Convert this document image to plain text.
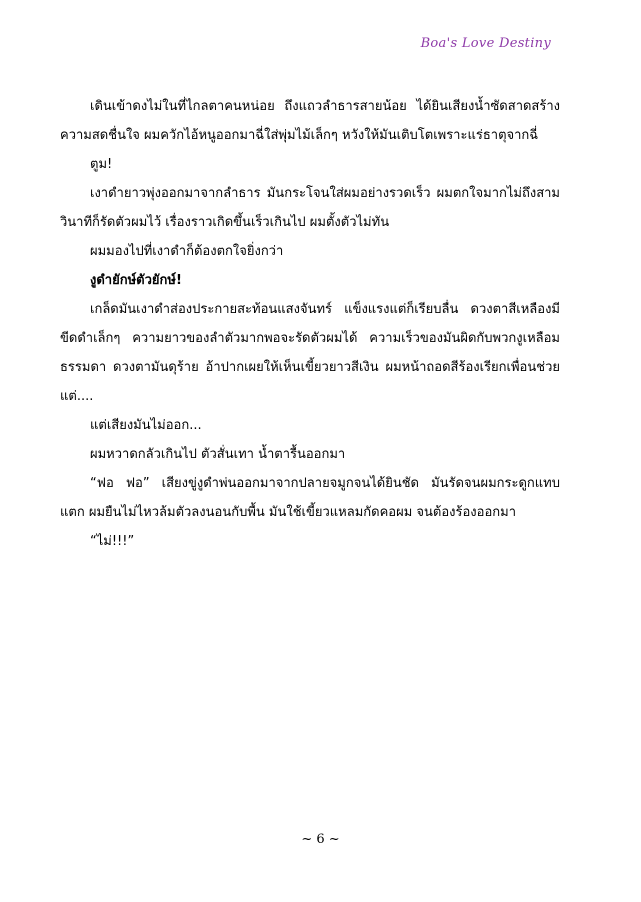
Boa's Love Destiny

เดินเข้าดงไม่ในที่ไกลตาคนหน่อย ถึงแถวลำธารสายน้อย ได้ยินเสียงน้ำซัดสาดสร้างความสดชื่นใจ ผมควักไอ้หนูออกมาฉี่ใส่พุ่มไม้เล็กๆ หวังให้มันเติบโตเพราะแร่ธาตุจากฉี่

ตูม!

เงาดำยาวพุ่งออกมาจากลำธาร มันกระโจนใส่ผมอย่างรวดเร็ว ผมตกใจมากไม่ถึงสามวินาทีก็รัดตัวผมไว้ เรื่องราวเกิดขึ้นเร็วเกินไป ผมตั้งตัวไม่ทัน

ผมมองไปที่เงาดำก็ต้องตกใจยิ่งกว่า

งูดำยักษ์ตัวยักษ์!

เกล็ดมันเงาดำส่องประกายสะท้อนแสงจันทร์ แข็งแรงแต่ก็เรียบลื่น ดวงตาสีเหลืองมีขีดดำเล็กๆ ความยาวของลำตัวมากพอจะรัดตัวผมได้ ความเร็วของมันผิดกับพวกงูเหลือมธรรมดา ดวงตามันดุร้าย อ้าปากเผยให้เห็นเขี้ยวยาวสีเงิน ผมหน้าถอดสีร้องเรียกเพื่อนช่วย แต่....

แต่เสียงมันไม่ออก...

ผมหวาดกลัวเกินไป ตัวสั่นเทา น้ำตารื้นออกมา

“ฟอ ฟอ” เสียงขู่งูดำพ่นออกมาจากปลายจมูกจนได้ยินชัด มันรัดจนผมกระดูกแทบแตก ผมยืนไม่ไหวล้มตัวลงนอนกับพื้น มันใช้เขี้ยวแหลมกัดคอผม จนต้องร้องออกมา

“ไม่!!!”

~ 6 ~
